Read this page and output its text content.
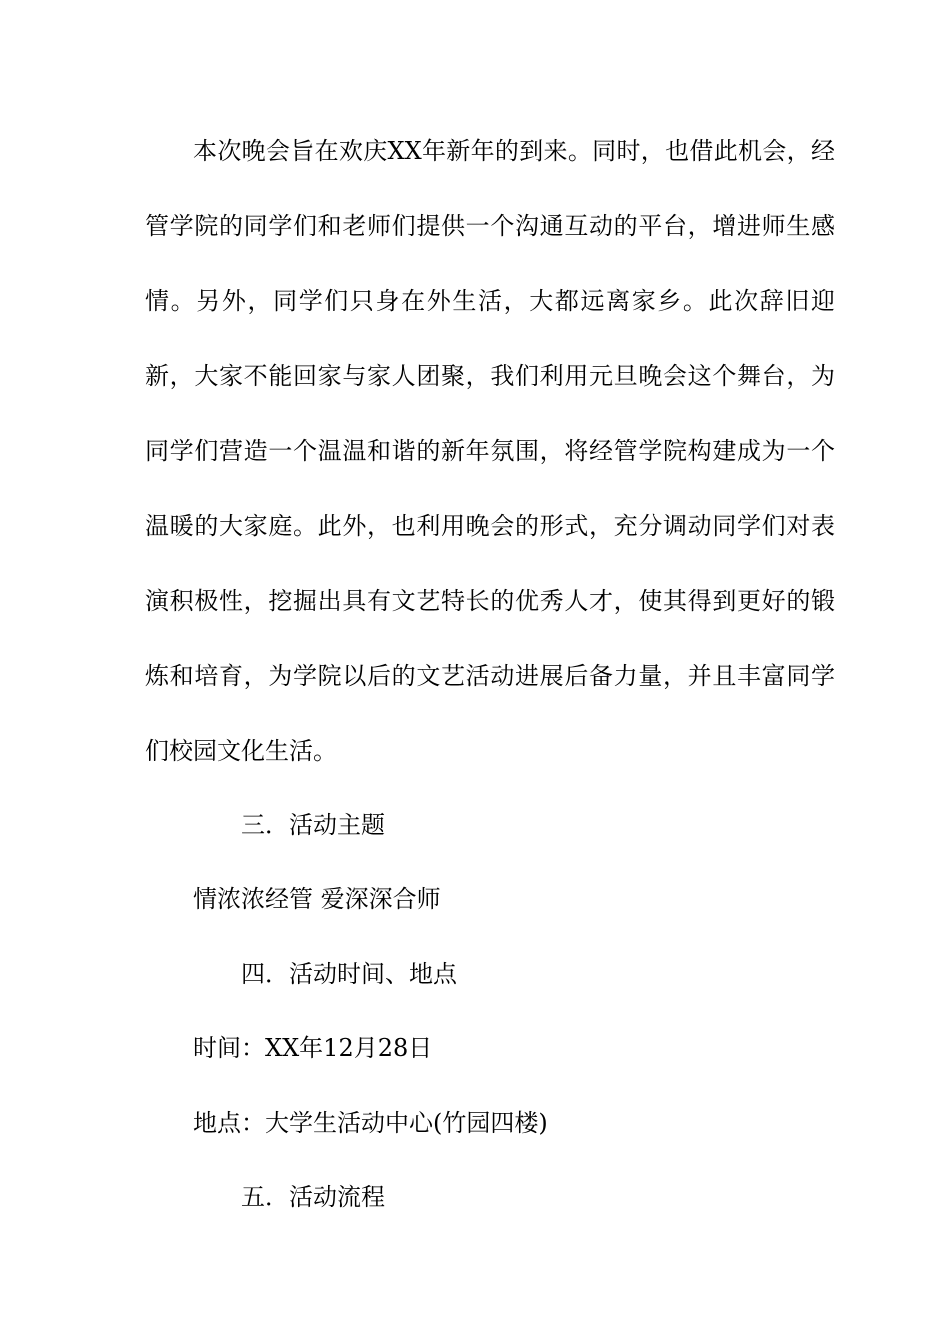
本次晚会旨在欢庆XX年新年的到来。同时，也借此机会，经管学院的同学们和老师们提供一个沟通互动的平台，增进师生感情。另外，同学们只身在外生活，大都远离家乡。此次辞旧迎新，大家不能回家与家人团聚，我们利用元旦晚会这个舞台，为同学们营造一个温温和谐的新年氛围，将经管学院构建成为一个温暖的大家庭。此外，也利用晚会的形式，充分调动同学们对表演积极性，挖掘出具有文艺特长的优秀人才，使其得到更好的锻炼和培育，为学院以后的文艺活动进展后备力量，并且丰富同学们校园文化生活。

三．活动主题

情浓浓经管 爱深深合师

四．活动时间、地点

时间：XX年12月28日

地点：大学生活动中心(竹园四楼)

五．活动流程
